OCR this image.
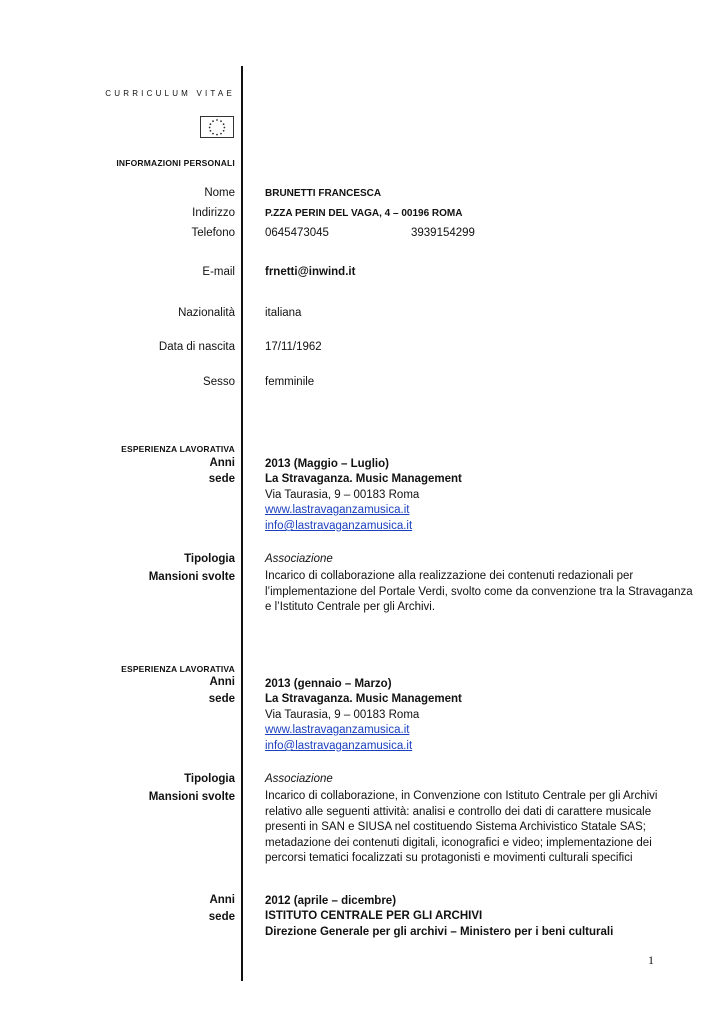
CURRICULUM VITAE
INFORMAZIONI PERSONALI
Nome	BRUNETTI FRANCESCA
Indirizzo	P.ZZA PERIN DEL VAGA, 4 – 00196 ROMA
Telefono	0645473045	3939154299
E-mail	frnetti@inwind.it
Nazionalità	italiana
Data di nascita	17/11/1962
Sesso	femminile
ESPERIENZA LAVORATIVA
Anni	2013 (Maggio – Luglio)
sede	La Stravaganza. Music Management
Via Taurasia, 9 – 00183 Roma
www.lastravaganzamusica.it
info@lastravaganzamusica.it
Tipologia	Associazione
Mansioni svolte	Incarico di collaborazione alla realizzazione dei contenuti redazionali per l’implementazione del Portale Verdi, svolto come da convenzione tra la Stravaganza e l’Istituto Centrale per gli Archivi.
ESPERIENZA LAVORATIVA
Anni	2013 (gennaio – Marzo)
sede	La Stravaganza. Music Management
Via Taurasia, 9 – 00183 Roma
www.lastravaganzamusica.it
info@lastravaganzamusica.it
Tipologia	Associazione
Mansioni svolte	Incarico di collaborazione, in Convenzione con Istituto Centrale per gli Archivi relativo alle seguenti attività: analisi e controllo dei dati di carattere musicale presenti in SAN e SIUSA nel costituendo Sistema Archivistico Statale SAS; metadazione dei contenuti digitali, iconografici e video; implementazione dei percorsi tematici focalizzati su protagonisti e movimenti culturali specifici
Anni	2012 (aprile – dicembre)
sede	ISTITUTO CENTRALE PER GLI ARCHIVI
Direzione Generale per gli archivi – Ministero per i beni culturali
1
